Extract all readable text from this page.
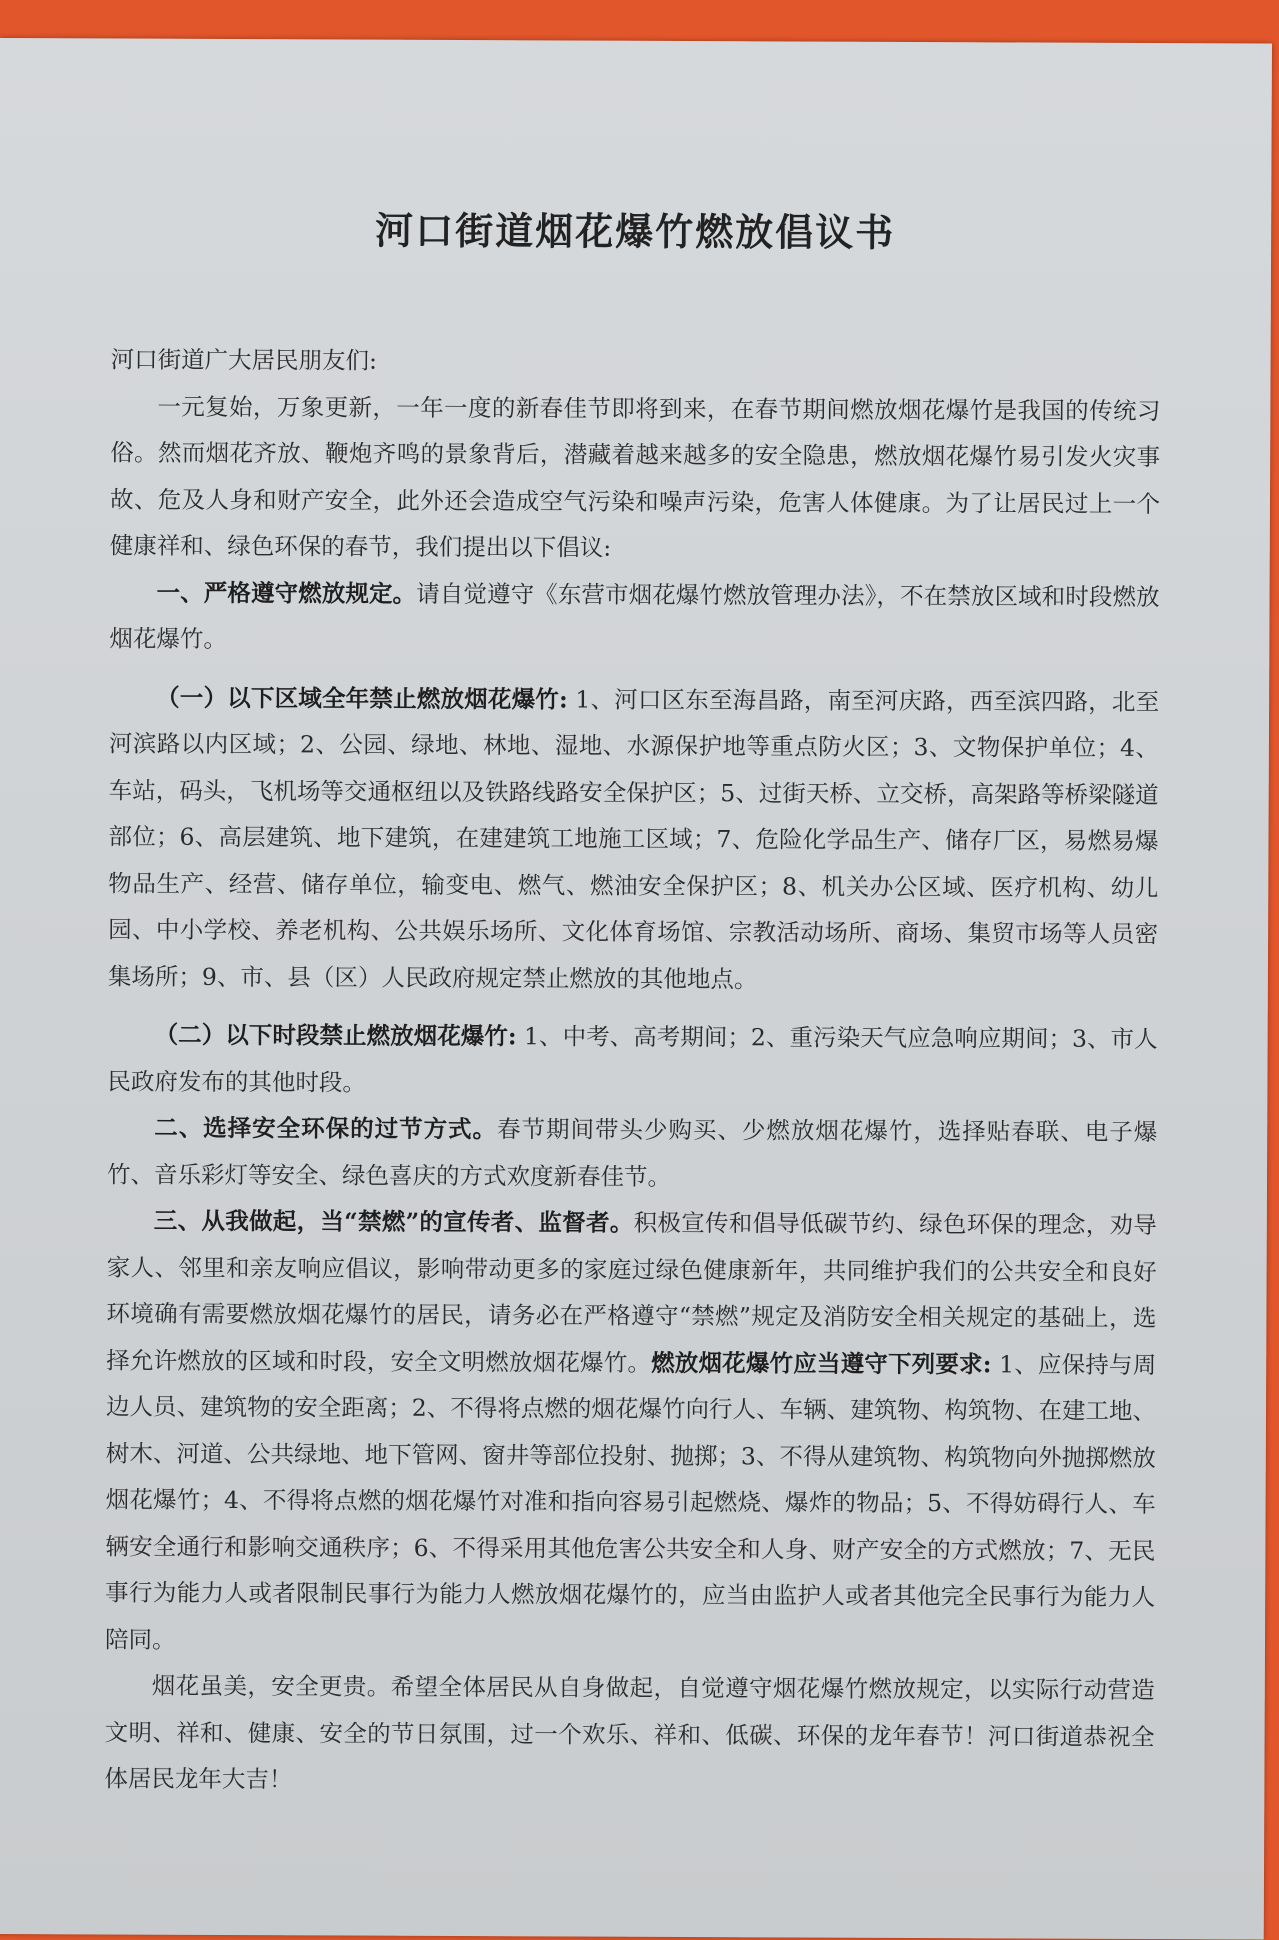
河口街道烟花爆竹燃放倡议书

河口街道广大居民朋友们:

一元复始，万象更新，一年一度的新春佳节即将到来，在春节期间燃放烟花爆竹是我国的传统习俗。然而烟花齐放、鞭炮齐鸣的景象背后，潜藏着越来越多的安全隐患，燃放烟花爆竹易引发火灾事故、危及人身和财产安全，此外还会造成空气污染和噪声污染，危害人体健康。为了让居民过上一个健康祥和、绿色环保的春节，我们提出以下倡议:

一、严格遵守燃放规定。请自觉遵守《东营市烟花爆竹燃放管理办法》，不在禁放区域和时段燃放烟花爆竹。

（一）以下区域全年禁止燃放烟花爆竹: 1、河口区东至海昌路，南至河庆路，西至滨四路，北至河滨路以内区域；2、公园、绿地、林地、湿地、水源保护地等重点防火区；3、文物保护单位；4、车站，码头，飞机场等交通枢纽以及铁路线路安全保护区；5、过街天桥、立交桥，高架路等桥梁隧道部位；6、高层建筑、地下建筑，在建建筑工地施工区域；7、危险化学品生产、储存厂区，易燃易爆物品生产、经营、储存单位，输变电、燃气、燃油安全保护区；8、机关办公区域、医疗机构、幼儿园、中小学校、养老机构、公共娱乐场所、文化体育场馆、宗教活动场所、商场、集贸市场等人员密集场所；9、市、县（区）人民政府规定禁止燃放的其他地点。

（二）以下时段禁止燃放烟花爆竹: 1、中考、高考期间；2、重污染天气应急响应期间；3、市人民政府发布的其他时段。

二、选择安全环保的过节方式。春节期间带头少购买、少燃放烟花爆竹，选择贴春联、电子爆竹、音乐彩灯等安全、绿色喜庆的方式欢度新春佳节。

三、从我做起，当“禁燃”的宣传者、监督者。积极宣传和倡导低碳节约、绿色环保的理念，劝导家人、邻里和亲友响应倡议，影响带动更多的家庭过绿色健康新年，共同维护我们的公共安全和良好环境确有需要燃放烟花爆竹的居民，请务必在严格遵守“禁燃”规定及消防安全相关规定的基础上，选择允许燃放的区域和时段，安全文明燃放烟花爆竹。燃放烟花爆竹应当遵守下列要求: 1、应保持与周边人员、建筑物的安全距离；2、不得将点燃的烟花爆竹向行人、车辆、建筑物、构筑物、在建工地、树木、河道、公共绿地、地下管网、窗井等部位投射、抛掷；3、不得从建筑物、构筑物向外抛掷燃放烟花爆竹；4、不得将点燃的烟花爆竹对准和指向容易引起燃烧、爆炸的物品；5、不得妨碍行人、车辆安全通行和影响交通秩序；6、不得采用其他危害公共安全和人身、财产安全的方式燃放；7、无民事行为能力人或者限制民事行为能力人燃放烟花爆竹的，应当由监护人或者其他完全民事行为能力人陪同。

烟花虽美，安全更贵。希望全体居民从自身做起，自觉遵守烟花爆竹燃放规定，以实际行动营造文明、祥和、健康、安全的节日氛围，过一个欢乐、祥和、低碳、环保的龙年春节！河口街道恭祝全体居民龙年大吉！
